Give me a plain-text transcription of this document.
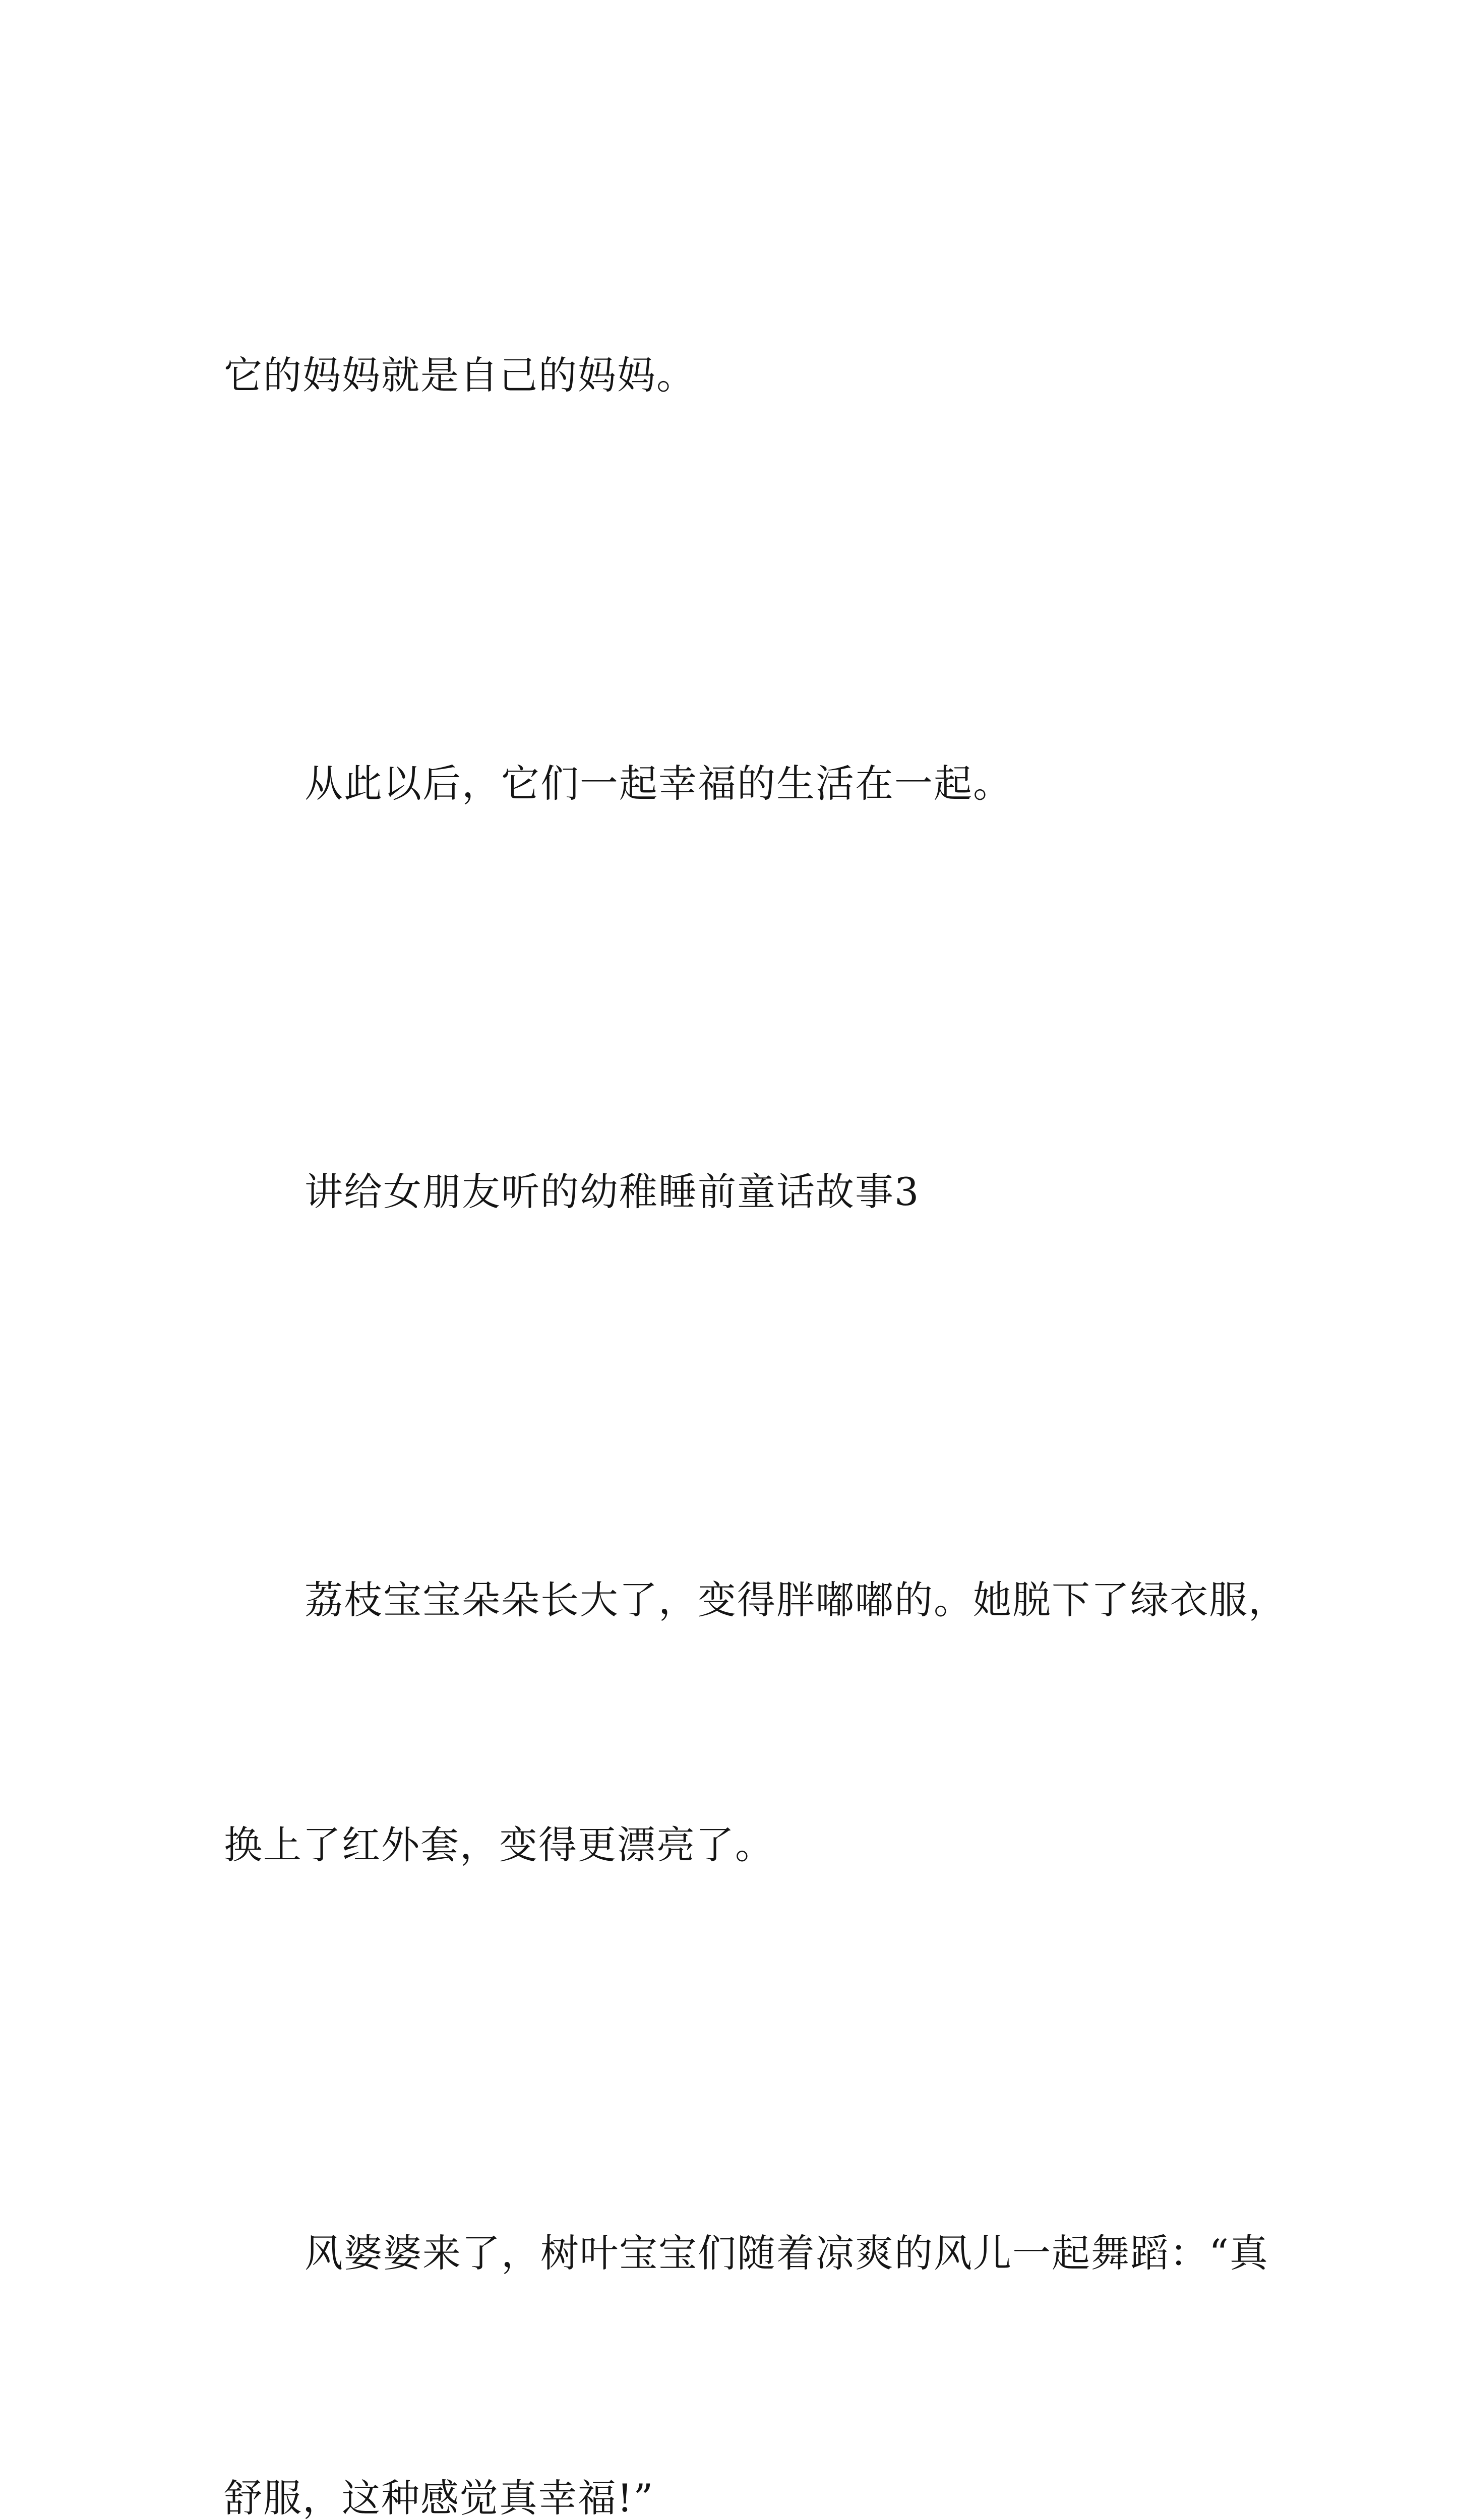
它的妈妈就是自己的妈妈。

从此以后，它们一起幸福的生活在一起。

讲给女朋友听的幼稚睡前童话故事3

荔枝宝宝朵朵长大了，变得胖嘟嘟的。她脱下了绿衣服，

换上了红外套，变得更漂亮了。

风婆婆来了，树叶宝宝们随着凉爽的风儿一起舞蹈：“真

舒服，这种感觉真幸福!”
